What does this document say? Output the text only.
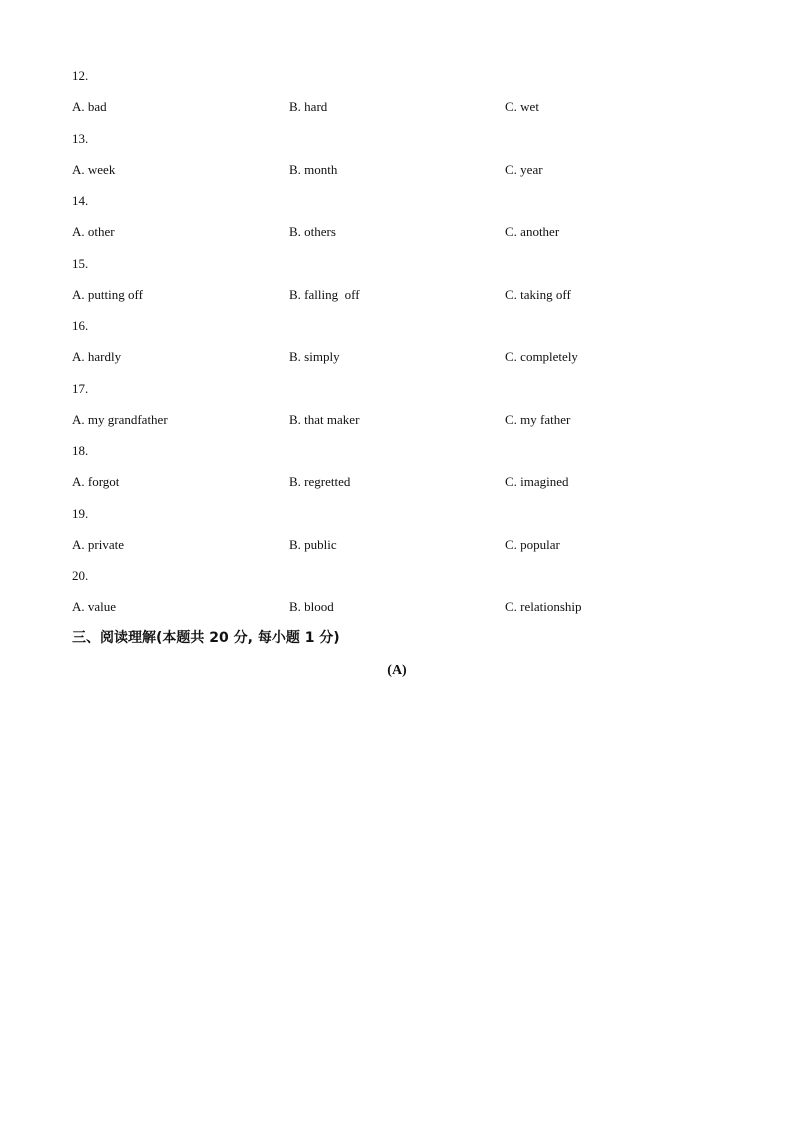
12.
A. bad	B. hard	C. wet
13.
A. week	B. month	C. year
14.
A. other	B. others	C. another
15.
A. putting off	B. falling  off	C. taking off
16.
A. hardly	B. simply	C. completely
17.
A. my grandfather	B. that maker	C. my father
18.
A. forgot	B. regretted	C. imagined
19.
A. private	B. public	C. popular
20.
A. value	B. blood	C. relationship
三、阅读理解(本题共 20 分, 每小题 1 分)
(A)
